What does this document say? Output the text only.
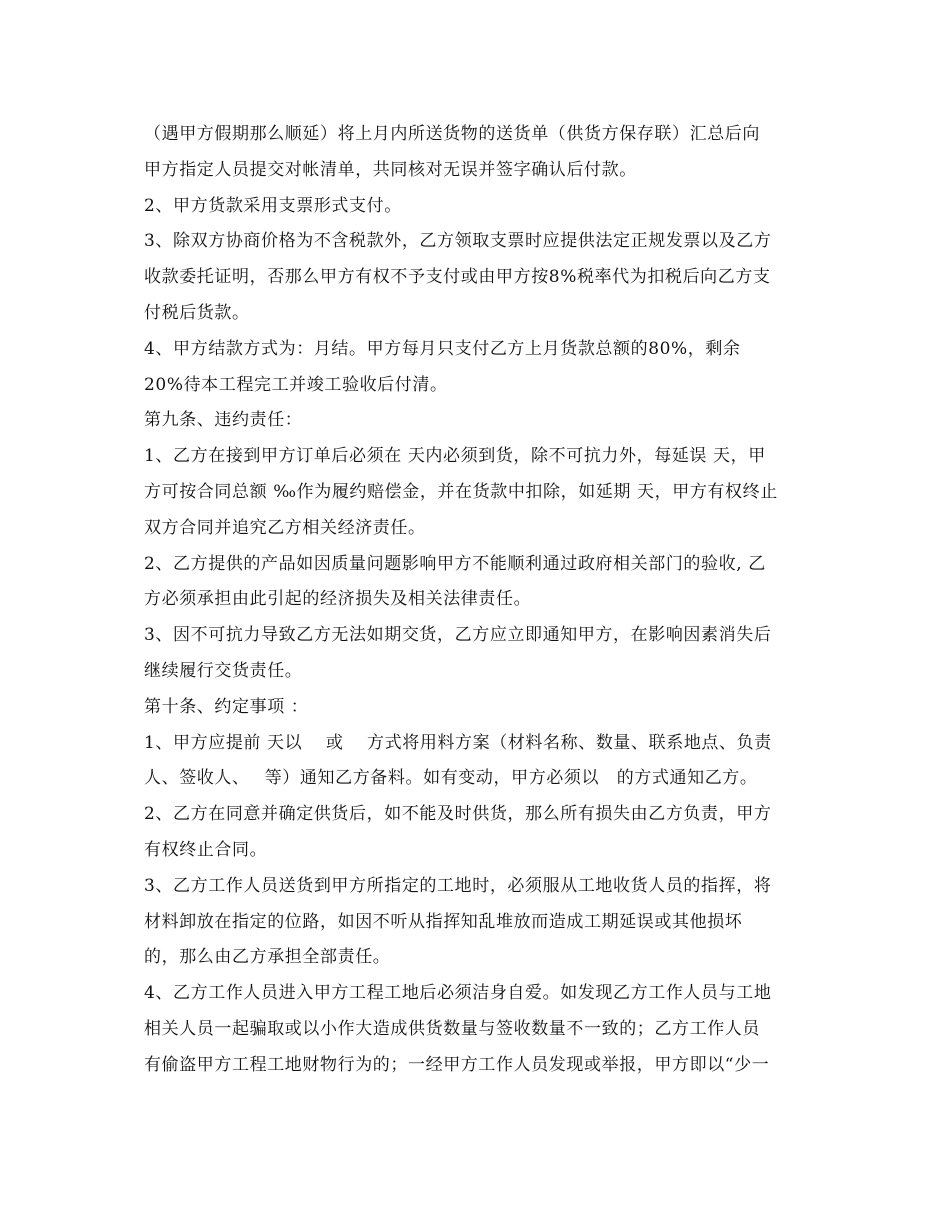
（遇甲方假期那么顺延）将上月内所送货物的送货单（供货方保存联）汇总后向
甲方指定人员提交对帐清单，共同核对无误并签字确认后付款。
2、甲方货款采用支票形式支付。
3、除双方协商价格为不含税款外，乙方领取支票时应提供法定正规发票以及乙方
收款委托证明，否那么甲方有权不予支付或由甲方按8%税率代为扣税后向乙方支
付税后货款。
4、甲方结款方式为：月结。甲方每月只支付乙方上月货款总额的80%，剩余
20%待本工程完工并竣工验收后付清。
第九条、违约责任：
1、乙方在接到甲方订单后必须在 天内必须到货，除不可抗力外，每延误 天，甲
方可按合同总额 ‰作为履约赔偿金，并在货款中扣除，如延期 天，甲方有权终止
双方合同并追究乙方相关经济责任。
2、乙方提供的产品如因质量问题影响甲方不能顺利通过政府相关部门的验收, 乙
方必须承担由此引起的经济损失及相关法律责任。
3、因不可抗力导致乙方无法如期交货，乙方应立即通知甲方，在影响因素消失后
继续履行交货责任。
第十条、约定事项 ：
1、甲方应提前 天以　 或　 方式将用料方案（材料名称、数量、联系地点、负责
人、签收人、　 等）通知乙方备料。如有变动，甲方必须以　的方式通知乙方。
2、乙方在同意并确定供货后，如不能及时供货，那么所有损失由乙方负责，甲方
有权终止合同。
3、乙方工作人员送货到甲方所指定的工地时，必须服从工地收货人员的指挥，将
材料卸放在指定的位路，如因不听从指挥知乱堆放而造成工期延误或其他损坏
的，那么由乙方承担全部责任。
4、乙方工作人员进入甲方工程工地后必须洁身自爱。如发现乙方工作人员与工地
相关人员一起骗取或以小作大造成供货数量与签收数量不一致的；乙方工作人员
有偷盗甲方工程工地财物行为的；一经甲方工作人员发现或举报，甲方即以“少一
